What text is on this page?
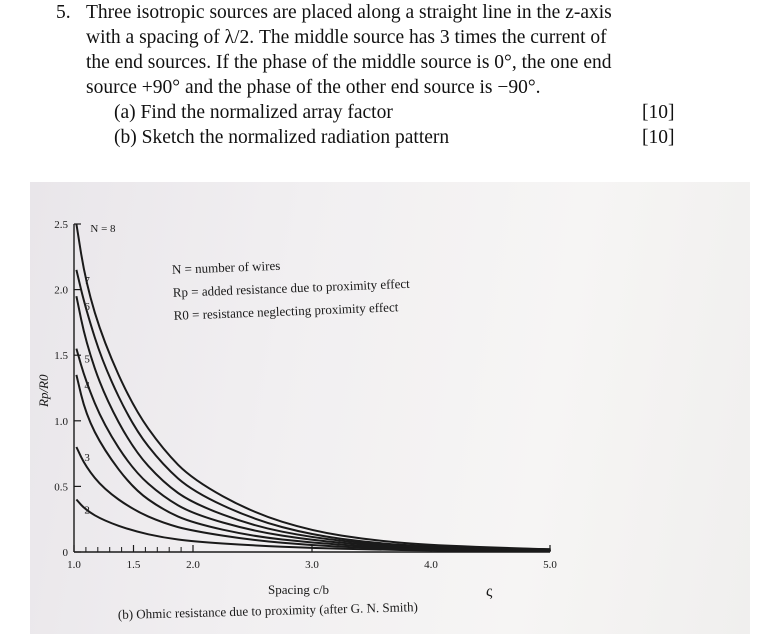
5. Three isotropic sources are placed along a straight line in the z-axis
with a spacing of λ/2. The middle source has 3 times the current of
the end sources. If the phase of the middle source is 0°, the one end
source +90° and the phase of the other end source is −90°.
(a) Find the normalized array factor	[10]
(b) Sketch the normalized radiation pattern	[10]
0
0.5
1.0
1.5
2.0
2.5
1.0	1.5	2.0	3.0	4.0	5.0
N = 8
7
6
5
4
3
2
Rp/R0
Spacing c/b
N = number of wires
Rp = added resistance due to proximity effect
R0 = resistance neglecting proximity effect
(b) Ohmic resistance due to proximity (after G. N. Smith)
ς
